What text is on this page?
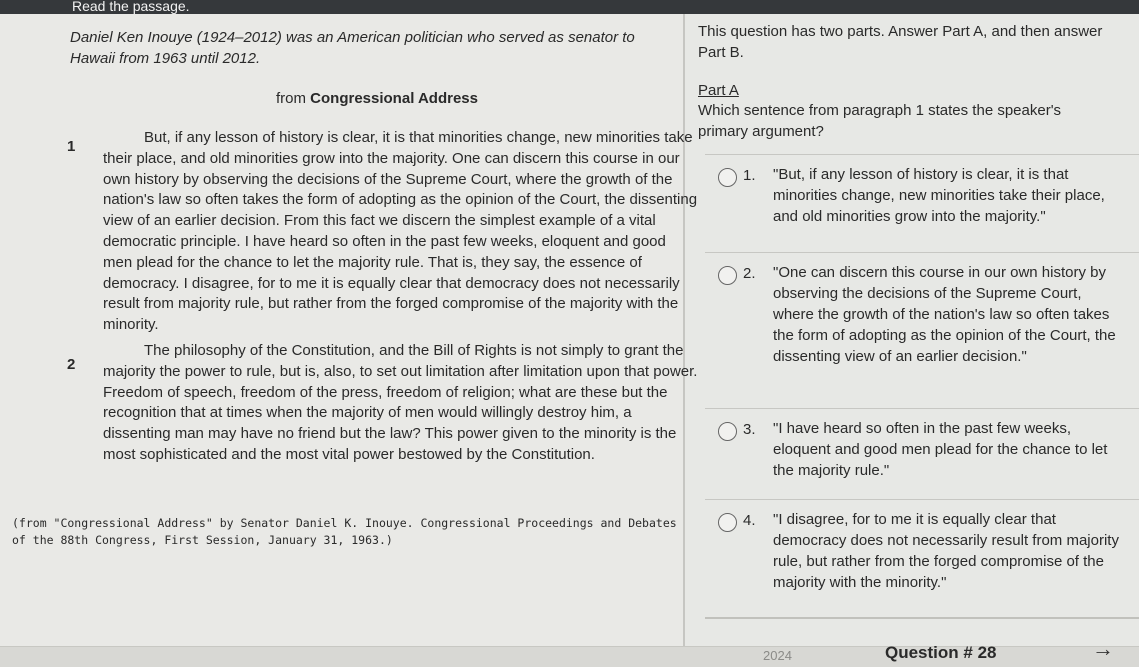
Read the passage.
Daniel Ken Inouye (1924–2012) was an American politician who served as senator to Hawaii from 1963 until 2012.
from Congressional Address
1
But, if any lesson of history is clear, it is that minorities change, new minorities take their place, and old minorities grow into the majority. One can discern this course in our own history by observing the decisions of the Supreme Court, where the growth of the nation's law so often takes the form of adopting as the opinion of the Court, the dissenting view of an earlier decision. From this fact we discern the simplest example of a vital democratic principle. I have heard so often in the past few weeks, eloquent and good men plead for the chance to let the majority rule. That is, they say, the essence of democracy. I disagree, for to me it is equally clear that democracy does not necessarily result from majority rule, but rather from the forged compromise of the majority with the minority.
2
The philosophy of the Constitution, and the Bill of Rights is not simply to grant the majority the power to rule, but is, also, to set out limitation after limitation upon that power. Freedom of speech, freedom of the press, freedom of religion; what are these but the recognition that at times when the majority of men would willingly destroy him, a dissenting man may have no friend but the law? This power given to the minority is the most sophisticated and the most vital power bestowed by the Constitution.
(from "Congressional Address" by Senator Daniel K. Inouye. Congressional Proceedings and Debates of the 88th Congress, First Session, January 31, 1963.)
This question has two parts. Answer Part A, and then answer Part B.
Part A
Which sentence from paragraph 1 states the speaker's primary argument?
1. "But, if any lesson of history is clear, it is that minorities change, new minorities take their place, and old minorities grow into the majority."
2. "One can discern this course in our own history by observing the decisions of the Supreme Court, where the growth of the nation's law so often takes the form of adopting as the opinion of the Court, the dissenting view of an earlier decision."
3. "I have heard so often in the past few weeks, eloquent and good men plead for the chance to let the majority rule."
4. "I disagree, for to me it is equally clear that democracy does not necessarily result from majority rule, but rather from the forged compromise of the majority with the minority."
2024	Question # 28	→
